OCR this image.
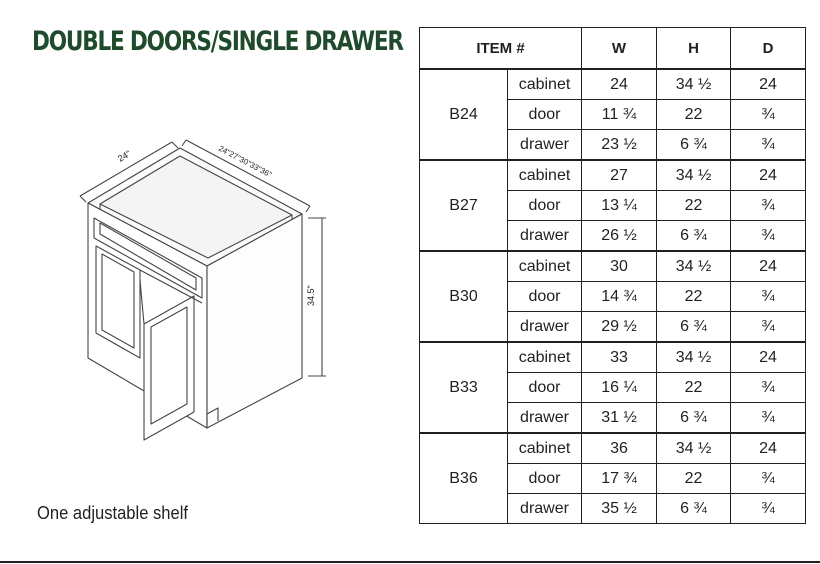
DOUBLE DOORS/SINGLE DRAWER
24"	24"27"30"33"36"
34.5"
One adjustable shelf
ITEM #		W	H	D
B24	cabinet	24	34 ½	24
	door	11 ¾	22	¾
	drawer	23 ½	6 ¾	¾
B27	cabinet	27	34 ½	24
	door	13 ¼	22	¾
	drawer	26 ½	6 ¾	¾
B30	cabinet	30	34 ½	24
	door	14 ¾	22	¾
	drawer	29 ½	6 ¾	¾
B33	cabinet	33	34 ½	24
	door	16 ¼	22	¾
	drawer	31 ½	6 ¾	¾
B36	cabinet	36	34 ½	24
	door	17 ¾	22	¾
	drawer	35 ½	6 ¾	¾
